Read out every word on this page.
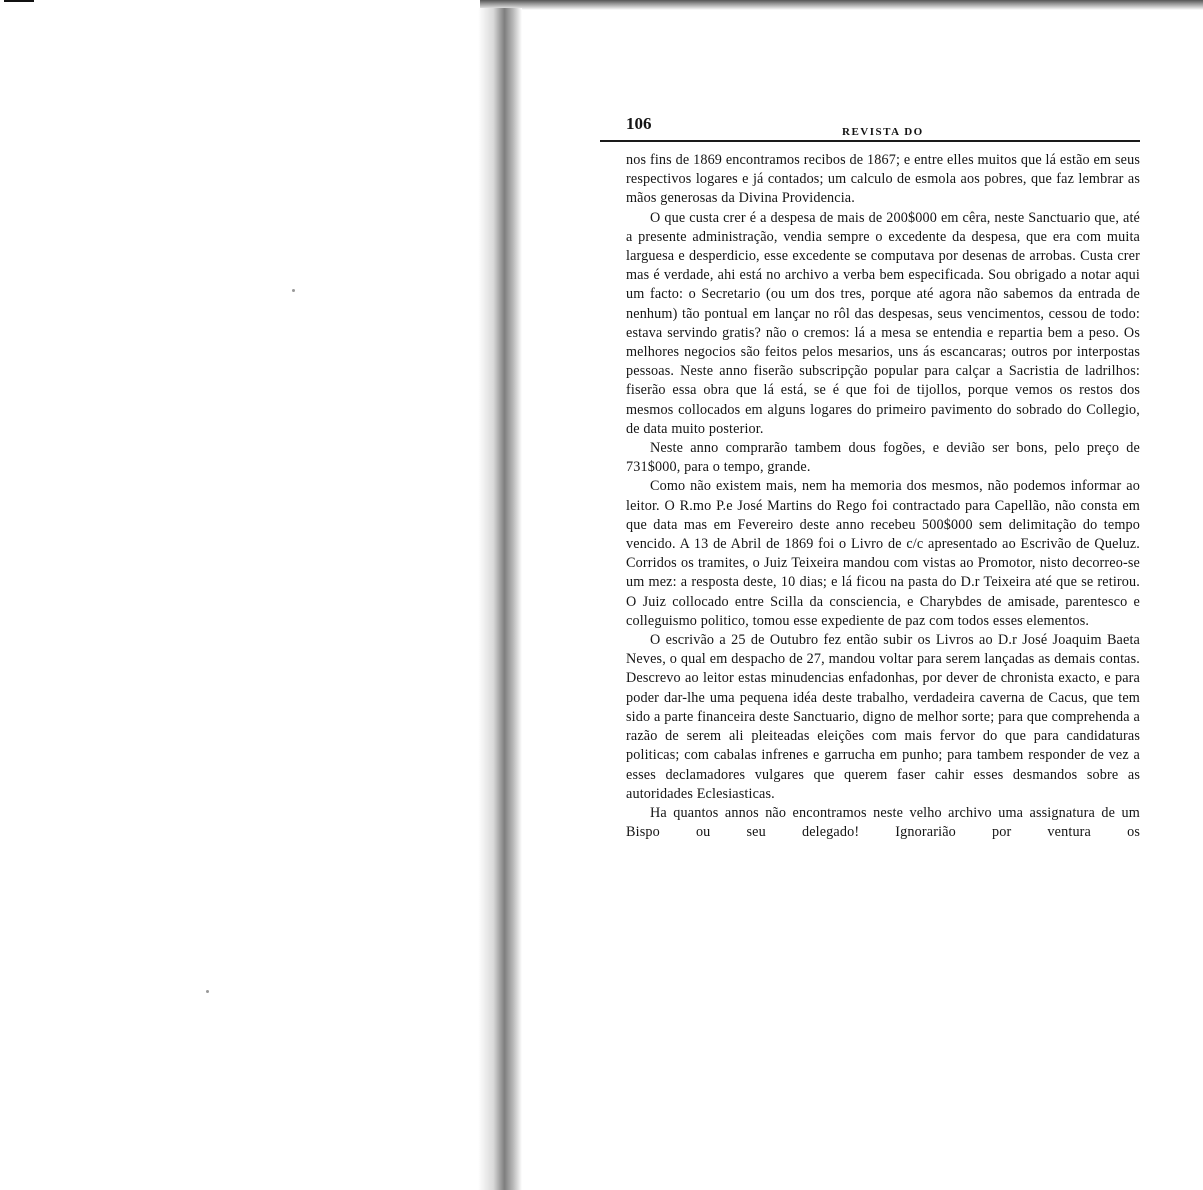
106	REVISTA DO

nos fins de 1869 encontramos recibos de 1867; e entre elles muitos que lá estão em seus respectivos logares e já contados; um calculo de esmola aos pobres, que faz lembrar as mãos generosas da Divina Providencia.

O que custa crer é a despesa de mais de 200$000 em cêra, neste Sanctuario que, até a presente administração, vendia sempre o excedente da despesa, que era com muita larguesa e desperdicio, esse excedente se computava por desenas de arrobas. Custa crer mas é verdade, ahi está no archivo a verba bem especificada. Sou obrigado a notar aqui um facto: o Secretario (ou um dos tres, porque até agora não sabemos da entrada de nenhum) tão pontual em lançar no rôl das despesas, seus vencimentos, cessou de todo: estava servindo gratis? não o cremos: lá a mesa se entendia e repartia bem a peso. Os melhores negocios são feitos pelos mesarios, uns ás escancaras; outros por interpostas pessoas. Neste anno fiserão subscripção popular para calçar a Sacristia de ladrilhos: fiserão essa obra que lá está, se é que foi de tijollos, porque vemos os restos dos mesmos collocados em alguns logares do primeiro pavimento do sobrado do Collegio, de data muito posterior.

Neste anno comprarão tambem dous fogões, e devião ser bons, pelo preço de 731$000, para o tempo, grande.

Como não existem mais, nem ha memoria dos mesmos, não podemos informar ao leitor. O R.mo P.e José Martins do Rego foi contractado para Capellão, não consta em que data mas em Fevereiro deste anno recebeu 500$000 sem delimitação do tempo vencido. A 13 de Abril de 1869 foi o Livro de c/c apresentado ao Escrivão de Queluz. Corridos os tramites, o Juiz Teixeira mandou com vistas ao Promotor, nisto decorreo-se um mez: a resposta deste, 10 dias; e lá ficou na pasta do D.r Teixeira até que se retirou. O Juiz collocado entre Scilla da consciencia, e Charybdes de amisade, parentesco e colleguismo politico, tomou esse expediente de paz com todos esses elementos.

O escrivão a 25 de Outubro fez então subir os Livros ao D.r José Joaquim Baeta Neves, o qual em despacho de 27, mandou voltar para serem lançadas as demais contas. Descrevo ao leitor estas minudencias enfadonhas, por dever de chronista exacto, e para poder dar-lhe uma pequena idéa deste trabalho, verdadeira caverna de Cacus, que tem sido a parte financeira deste Sanctuario, digno de melhor sorte; para que comprehenda a razão de serem ali pleiteadas eleições com mais fervor do que para candidaturas politicas; com cabalas infrenes e garrucha em punho; para tambem responder de vez a esses declamadores vulgares que querem faser cahir esses desmandos sobre as autoridades Eclesiasticas.

Ha quantos annos não encontramos neste velho archivo uma assignatura de um Bispo ou seu delegado! Ignorarião por ventura os
